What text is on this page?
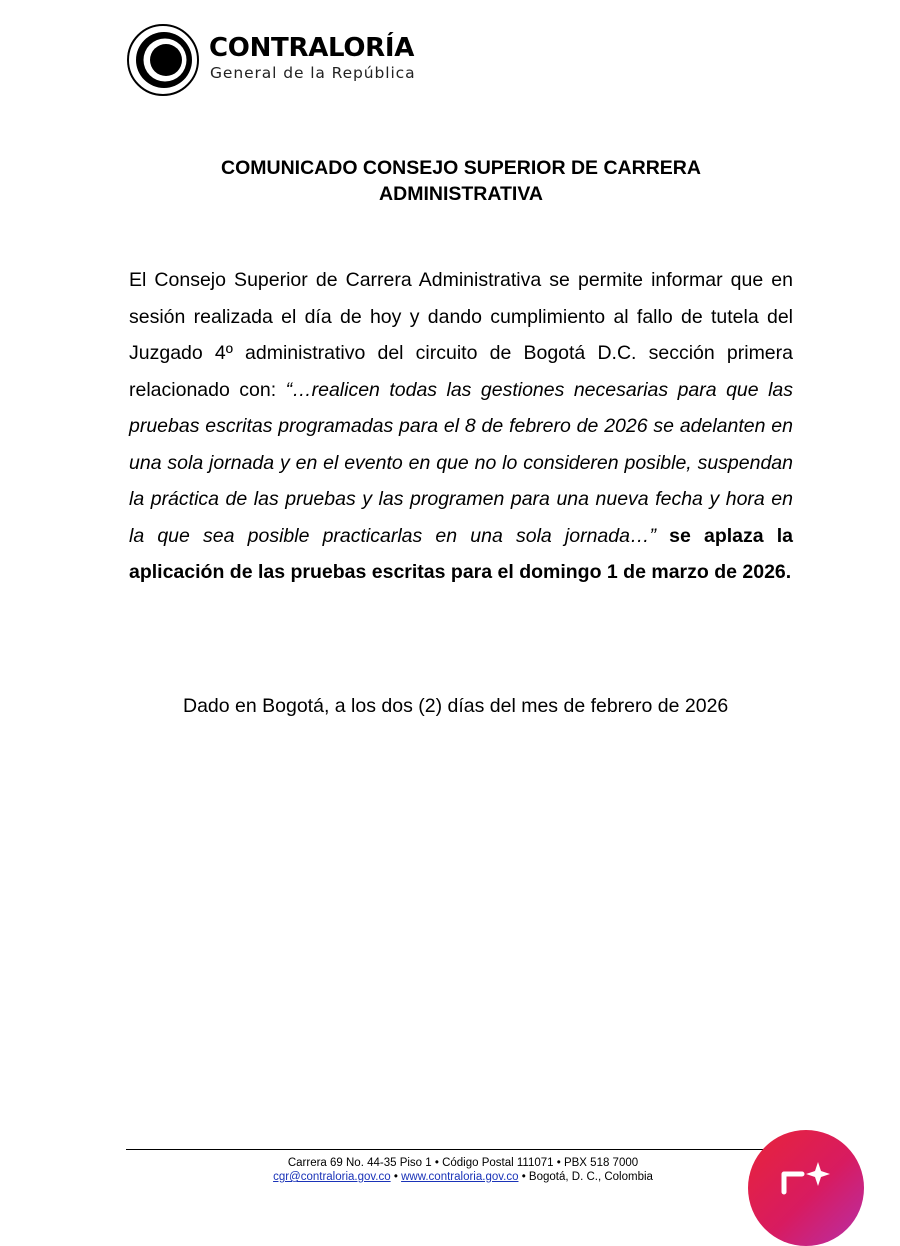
CONTRALORÍA
General de la República
COMUNICADO CONSEJO SUPERIOR DE CARRERA
ADMINISTRATIVA
El Consejo Superior de Carrera Administrativa se permite informar que en sesión realizada el día de hoy y dando cumplimiento al fallo de tutela del Juzgado 4º administrativo del circuito de Bogotá D.C. sección primera relacionado con: “…realicen todas las gestiones necesarias para que las pruebas escritas programadas para el 8 de febrero de 2026 se adelanten en una sola jornada y en el evento en que no lo consideren posible, suspendan la práctica de las pruebas y las programen para una nueva fecha y hora en la que sea posible practicarlas en una sola jornada…” se aplaza la aplicación de las pruebas escritas para el domingo 1 de marzo de 2026.
Dado en Bogotá, a los dos (2) días del mes de febrero de 2026
Carrera 69 No. 44-35 Piso 1 • Código Postal 111071 • PBX 518 7000
cgr@contraloria.gov.co • www.contraloria.gov.co • Bogotá, D. C., Colombia
